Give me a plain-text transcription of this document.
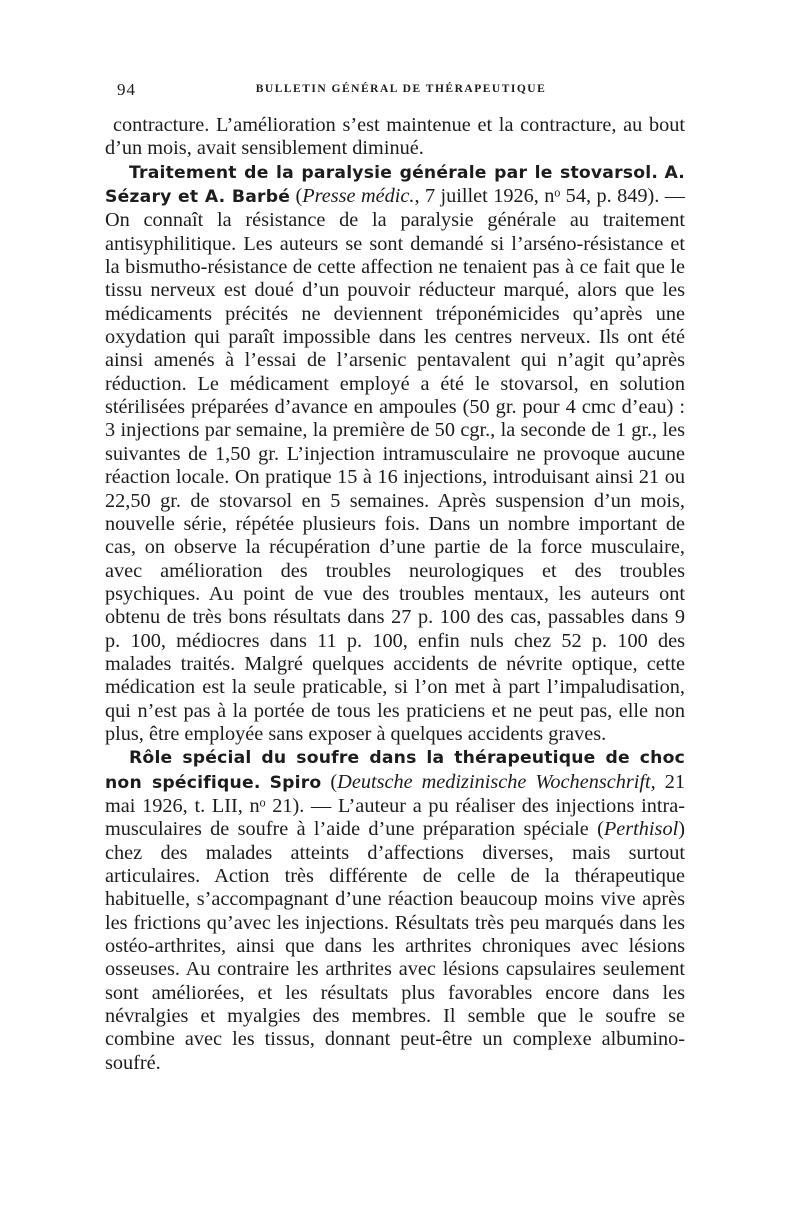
94	BULLETIN GÉNÉRAL DE THÉRAPEUTIQUE

contracture. L’amélioration s’est maintenue et la contracture, au bout d’un mois, avait sensiblement diminué.

Traitement de la paralysie générale par le stovarsol. A. Sézary et A. Barbé (Presse médic., 7 juillet 1926, nᵒ 54, p. 849). — On connaît la résistance de la paralysie générale au traitement antisyphilitique. Les auteurs se sont demandé si l’arséno-résistance et la bismutho-résistance de cette affection ne tenaient pas à ce fait que le tissu nerveux est doué d’un pouvoir réducteur marqué, alors que les médicaments précités ne deviennent tréponémicides qu’après une oxydation qui paraît impossible dans les centres nerveux. Ils ont été ainsi amenés à l’essai de l’arsenic pentavalent qui n’agit qu’après réduction. Le médicament employé a été le stovarsol, en solution stérilisées préparées d’avance en ampoules (50 gr. pour 4 cmc d’eau) : 3 injections par semaine, la première de 50 cgr., la seconde de 1 gr., les suivantes de 1,50 gr. L’injection intramusculaire ne provoque aucune réaction locale. On pratique 15 à 16 injections, introduisant ainsi 21 ou 22,50 gr. de stovarsol en 5 semaines. Après suspension d’un mois, nouvelle série, répétée plusieurs fois. Dans un nombre important de cas, on observe la récupération d’une partie de la force musculaire, avec amélioration des troubles neurologiques et des troubles psychiques. Au point de vue des troubles mentaux, les auteurs ont obtenu de très bons résultats dans 27 p. 100 des cas, passables dans 9 p. 100, médiocres dans 11 p. 100, enfin nuls chez 52 p. 100 des malades traités. Malgré quelques accidents de névrite optique, cette médication est la seule praticable, si l’on met à part l’impaludisation, qui n’est pas à la portée de tous les praticiens et ne peut pas, elle non plus, être employée sans exposer à quelques accidents graves.

Rôle spécial du soufre dans la thérapeutique de choc non spécifique. Spiro (Deutsche medizinische Wochenschrift, 21 mai 1926, t. LII, nᵒ 21). — L’auteur a pu réaliser des injections intra-musculaires de soufre à l’aide d’une préparation spéciale (Perthisol) chez des malades atteints d’affections diverses, mais surtout articulaires. Action très différente de celle de la thérapeutique habituelle, s’accompagnant d’une réaction beaucoup moins vive après les frictions qu’avec les injections. Résultats très peu marqués dans les ostéo-arthrites, ainsi que dans les arthrites chroniques avec lésions osseuses. Au contraire les arthrites avec lésions capsulaires seulement sont améliorées, et les résultats plus favorables encore dans les névralgies et myalgies des membres. Il semble que le soufre se combine avec les tissus, donnant peut-être un complexe albumino-soufré.
